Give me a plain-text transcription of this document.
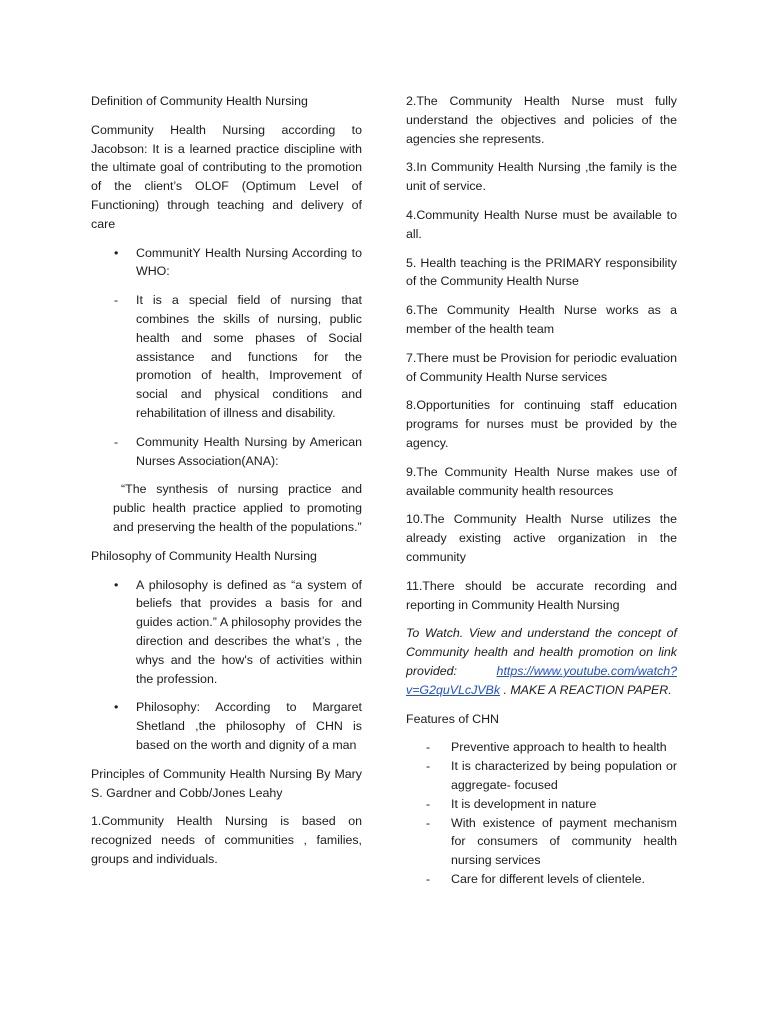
Definition of Community Health Nursing

Community Health Nursing according to Jacobson: It is a learned practice discipline with the ultimate goal of contributing to the promotion of the client’s OLOF (Optimum Level of Functioning) through teaching and delivery of care

•	CommunitY Health Nursing According to WHO:
-	It is a special field of nursing that combines the skills of nursing, public health and some phases of Social assistance and functions for the promotion of health, Improvement of social and physical conditions and rehabilitation of illness and disability.
-	Community Health Nursing by American Nurses Association(ANA):

“The synthesis of nursing practice and public health practice applied to promoting and preserving the health of the populations.”

Philosophy of Community Health Nursing

•	A philosophy is defined as “a system of beliefs that provides a basis for and guides action.” A philosophy provides the direction and describes the what’s , the whys and the how's of activities within the profession.
•	Philosophy: According to Margaret Shetland ,the philosophy of CHN is based on the worth and dignity of a man

Principles of Community Health Nursing By Mary S. Gardner and Cobb/Jones Leahy

1.Community Health Nursing is based on recognized needs of communities , families, groups and individuals.

2.The Community Health Nurse must fully understand the objectives and policies of the agencies she represents.

3.In Community Health Nursing ,the family is the unit of service.

4.Community Health Nurse must be available to all.

5. Health teaching is the PRIMARY responsibility of the Community Health Nurse

6.The Community Health Nurse works as a member of the health team

7.There must be Provision for periodic evaluation of Community Health Nurse services

8.Opportunities for continuing staff education programs for nurses must be provided by the agency.

9.The Community Health Nurse makes use of available community health resources

10.The Community Health Nurse utilizes the already existing active organization in the community

11.There should be accurate recording and reporting in Community Health Nursing

To Watch. View and understand the concept of Community health and health promotion on link provided: https://www.youtube.com/watch?v=G2quVLcJVBk . MAKE A REACTION PAPER.

Features of CHN

-	Preventive approach to health to health
-	It is characterized by being population or aggregate- focused
-	It is development in nature
-	With existence of payment mechanism for consumers of community health nursing services
-	Care for different levels of clientele.
